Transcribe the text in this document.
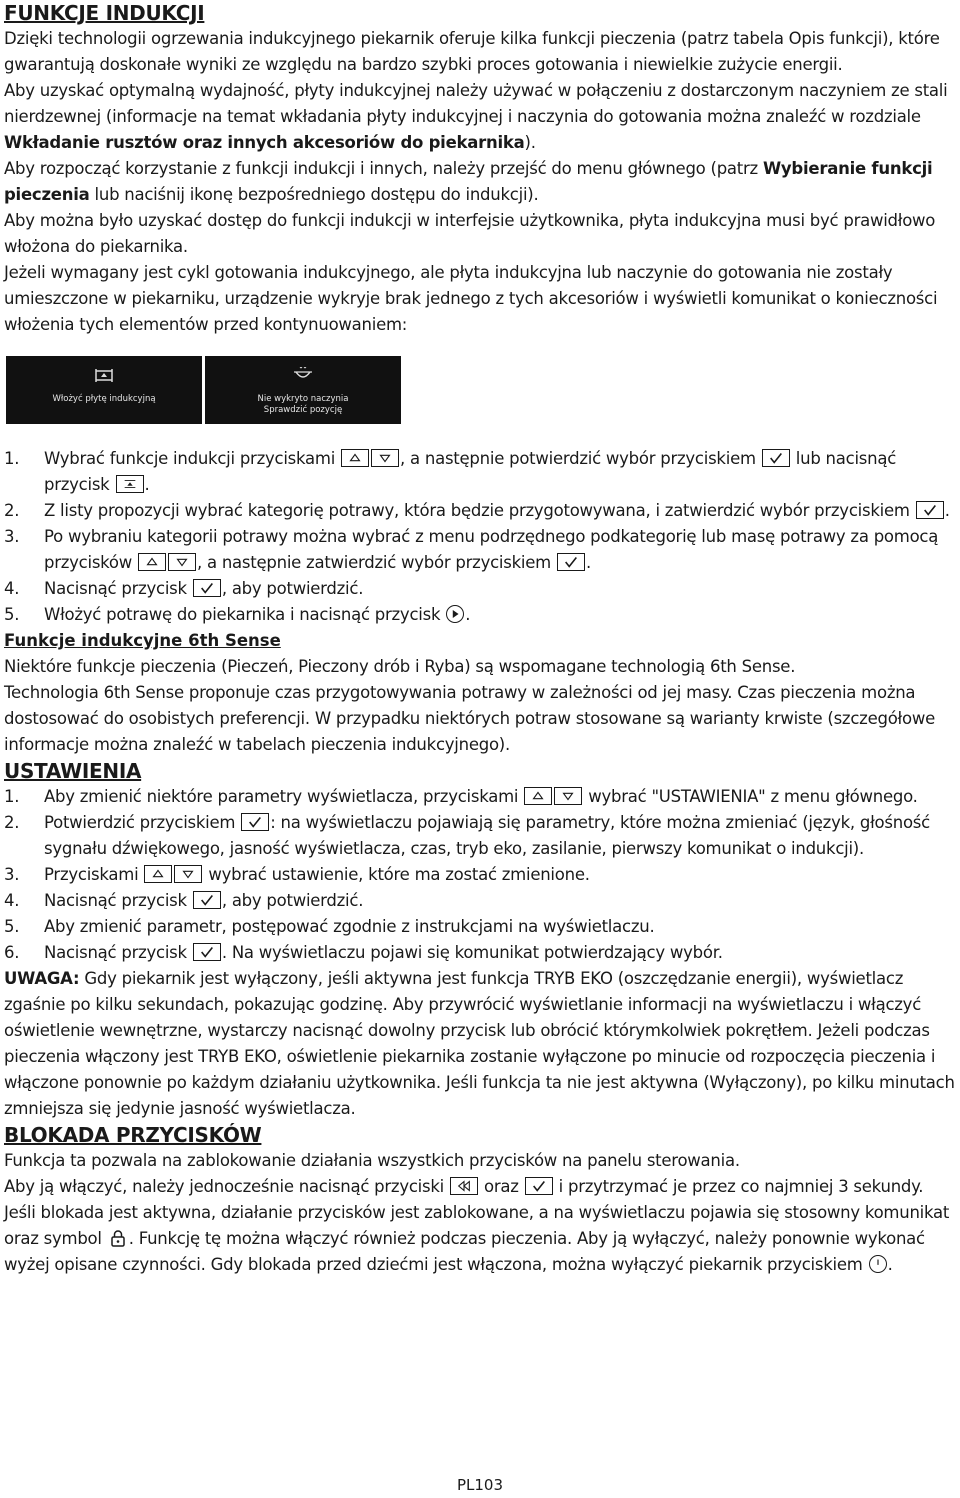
FUNKCJE INDUKCJI

Dzięki technologii ogrzewania indukcyjnego piekarnik oferuje kilka funkcji pieczenia (patrz tabela Opis funkcji), które gwarantują doskonałe wyniki ze względu na bardzo szybki proces gotowania i niewielkie zużycie energii.

Aby uzyskać optymalną wydajność, płyty indukcyjnej należy używać w połączeniu z dostarczonym naczyniem ze stali nierdzewnej (informacje na temat wkładania płyty indukcyjnej i naczynia do gotowania można znaleźć w rozdziale Wkładanie rusztów oraz innych akcesoriów do piekarnika).

Aby rozpocząć korzystanie z funkcji indukcji i innych, należy przejść do menu głównego (patrz Wybieranie funkcji pieczenia lub naciśnij ikonę bezpośredniego dostępu do indukcji).

Aby można było uzyskać dostęp do funkcji indukcji w interfejsie użytkownika, płyta indukcyjna musi być prawidłowo włożona do piekarnika.

Jeżeli wymagany jest cykl gotowania indukcyjnego, ale płyta indukcyjna lub naczynie do gotowania nie zostały umieszczone w piekarniku, urządzenie wykryje brak jednego z tych akcesoriów i wyświetli komunikat o konieczności włożenia tych elementów przed kontynuowaniem:

Włożyć płytę indukcyjną	Nie wykryto naczynia
Sprawdzić pozycję
1. Wybrać funkcje indukcji przyciskami	, a następnie potwierdzić wybór przyciskiem
lub nacisnąć przycisk
.
2. Z listy propozycji wybrać kategorię potrawy, która będzie przygotowywana, i zatwierdzić wybór przyciskiem
.
3. Po wybraniu kategorii potrawy można wybrać z menu podrzędnego podkategorię lub masę potrawy za pomocą przycisków	, a następnie zatwierdzić wybór przyciskiem
.
4. Nacisnąć przycisk
, aby potwierdzić.
5. Włożyć potrawę do piekarnika i nacisnąć przycisk
.
Funkcje indukcyjne 6th Sense

Niektóre funkcje pieczenia (Pieczeń, Pieczony drób i Ryba) są wspomagane technologią 6th Sense.

Technologia 6th Sense proponuje czas przygotowywania potrawy w zależności od jej masy. Czas pieczenia można dostosować do osobistych preferencji. W przypadku niektórych potraw stosowane są warianty krwiste (szczegółowe informacje można znaleźć w tabelach pieczenia indukcyjnego).

USTAWIENIA
1. Aby zmienić niektóre parametry wyświetlacza, przyciskami	wybrać "USTAWIENIA" z menu głównego.
2. Potwierdzić przyciskiem
: na wyświetlaczu pojawiają się parametry, które można zmieniać (język, głośność sygnału dźwiękowego, jasność wyświetlacza, czas, tryb eko, zasilanie, pierwszy komunikat o indukcji).
3. Przyciskami	wybrać ustawienie, które ma zostać zmienione.
4. Nacisnąć przycisk
, aby potwierdzić.
5. Aby zmienić parametr, postępować zgodnie z instrukcjami na wyświetlaczu.
6. Nacisnąć przycisk
. Na wyświetlaczu pojawi się komunikat potwierdzający wybór.

UWAGA: Gdy piekarnik jest wyłączony, jeśli aktywna jest funkcja TRYB EKO (oszczędzanie energii), wyświetlacz zgaśnie po kilku sekundach, pokazując godzinę. Aby przywrócić wyświetlanie informacji na wyświetlaczu i włączyć oświetlenie wewnętrzne, wystarczy nacisnąć dowolny przycisk lub obrócić którymkolwiek pokrętłem. Jeżeli podczas pieczenia włączony jest TRYB EKO, oświetlenie piekarnika zostanie wyłączone po minucie od rozpoczęcia pieczenia i włączone ponownie po każdym działaniu użytkownika. Jeśli funkcja ta nie jest aktywna (Wyłączony), po kilku minutach zmniejsza się jedynie jasność wyświetlacza.

BLOKADA PRZYCISKÓW

Funkcja ta pozwala na zablokowanie działania wszystkich przycisków na panelu sterowania.

Aby ją włączyć, należy jednocześnie nacisnąć przyciski
oraz
i przytrzymać je przez co najmniej 3 sekundy. Jeśli blokada jest aktywna, działanie przycisków jest zablokowane, a na wyświetlaczu pojawia się stosowny komunikat oraz symbol
. Funkcję tę można włączyć również podczas pieczenia. Aby ją wyłączyć, należy ponownie wykonać wyżej opisane czynności. Gdy blokada przed dziećmi jest włączona, można wyłączyć piekarnik przyciskiem
.

PL103
